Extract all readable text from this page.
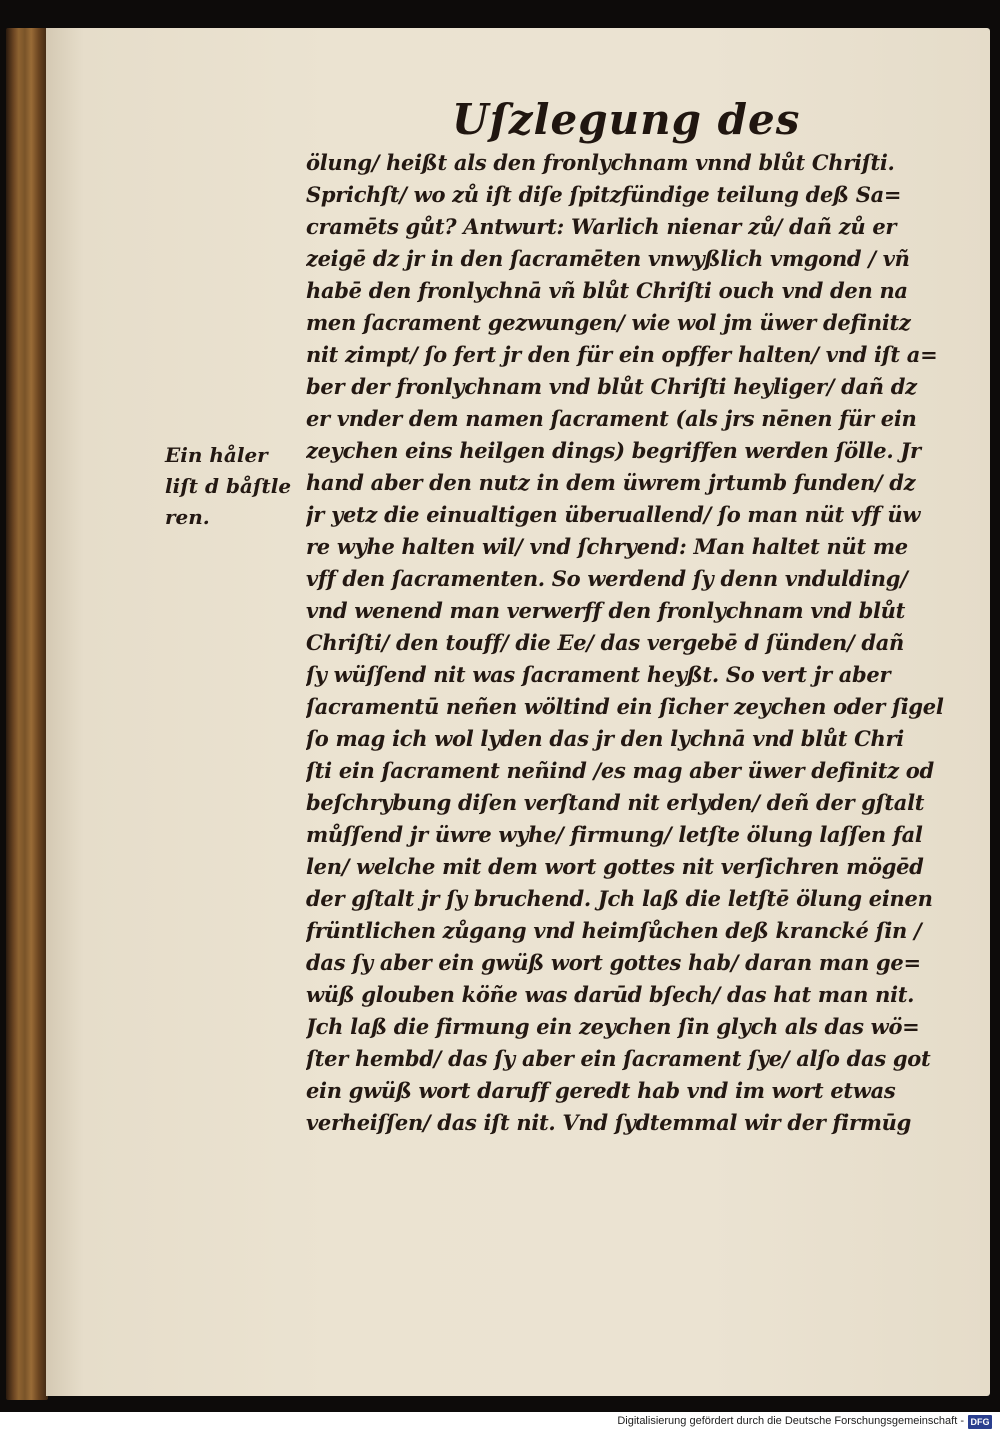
Uſzlegung des
Ein håler
liſt d båſtle
ren.
ölung/ heißt als den fronlychnam vnnd blůt Chriſti.
Sprichſt/ wo zů iſt diſe ſpitzfündige teilung deß Sa=
cramēts gůt? Antwurt: Warlich nienar zů/ dañ zů er
zeigē dz jr in den ſacramēten vnwyßlich vmgond / vñ
habē den fronlychnā vñ blůt Chriſti ouch vnd den na
men ſacrament gezwungen/ wie wol jm üwer definitz
nit zimpt/ ſo fert jr den für ein opffer halten/ vnd iſt a=
ber der fronlychnam vnd blůt Chriſti heyliger/ dañ dz
er vnder dem namen ſacrament (als jrs nēnen für ein
zeychen eins heilgen dings) begriffen werden ſölle. Jr
hand aber den nutz in dem üwrem jrtumb funden/ dz
jr yetz die einualtigen überuallend/ ſo man nüt vff üw
re wyhe halten wil/ vnd ſchryend: Man haltet nüt me
vff den ſacramenten. So werdend ſy denn vndulding/
vnd wenend man verwerff den fronlychnam vnd blůt
Chriſti/ den touff/ die Ee/ das vergebē d ſünden/ dañ
ſy wüſſend nit was ſacrament heyßt. So vert jr aber
ſacramentū neñen wöltind ein ſicher zeychen oder ſigel
ſo mag ich wol lyden das jr den lychnā vnd blůt Chri
ſti ein ſacrament neñind /es mag aber üwer definitz od
beſchrybung diſen verſtand nit erlyden/ deñ der gſtalt
můſſend jr üwre wyhe/ firmung/ letſte ölung laſſen fal
len/ welche mit dem wort gottes nit verſichren mögēd
der gſtalt jr ſy bruchend. Jch laß die letſtē ölung einen
früntlichen zůgang vnd heimſůchen deß krancké ſin /
das ſy aber ein gwüß wort gottes hab/ daran man ge=
wüß glouben köñe was darūd bſech/ das hat man nit.
Jch laß die firmung ein zeychen ſin glych als das wö=
ſter hembd/ das ſy aber ein ſacrament ſye/ alſo das got
ein gwüß wort daruff geredt hab vnd im wort etwas
verheiſſen/ das iſt nit. Vnd ſydtemmal wir der firmūg
Digitalisierung gefördert durch die Deutsche Forschungsgemeinschaft - DFG
